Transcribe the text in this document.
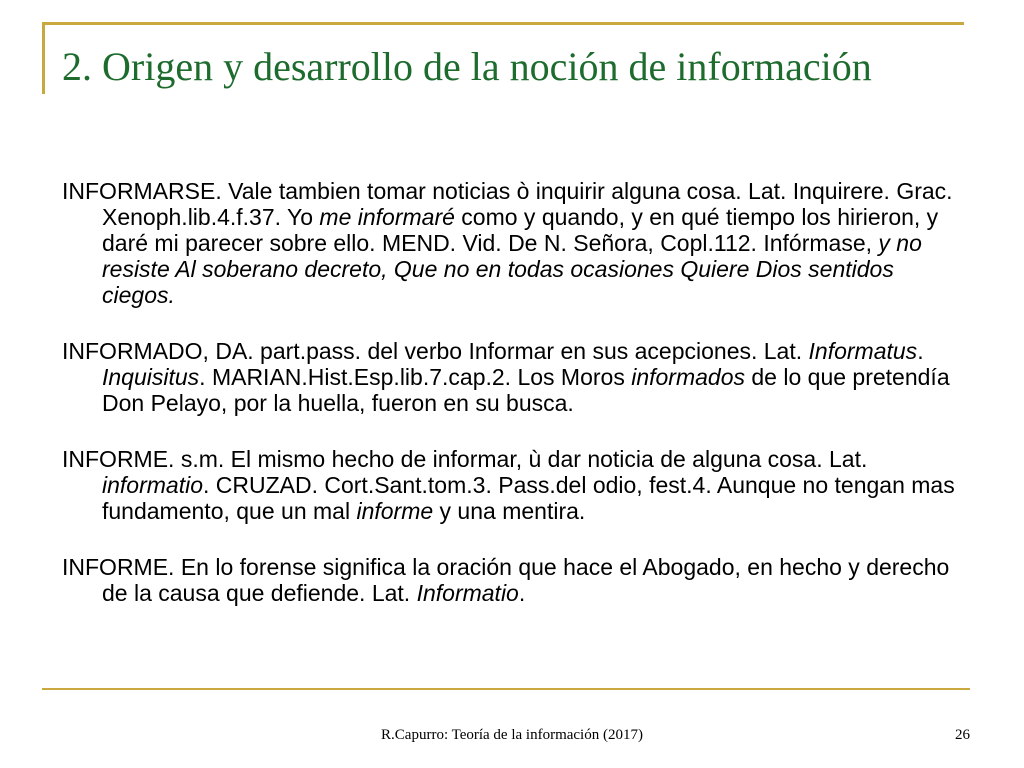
2. Origen y desarrollo de la noción de información

INFORMARSE. Vale tambien tomar noticias ò inquirir alguna cosa. Lat. Inquirere. Grac. Xenoph.lib.4.f.37. Yo me informaré como y quando, y en qué tiempo los hirieron, y daré mi parecer sobre ello. MEND. Vid. De N. Señora, Copl.112. Infórmase, y no resiste Al soberano decreto, Que no en todas ocasiones Quiere Dios sentidos ciegos.

INFORMADO, DA. part.pass. del verbo Informar en sus acepciones. Lat. Informatus. Inquisitus. MARIAN.Hist.Esp.lib.7.cap.2. Los Moros informados de lo que pretendía Don Pelayo, por la huella, fueron en su busca.

INFORME. s.m. El mismo hecho de informar, ù dar noticia de alguna cosa. Lat. informatio. CRUZAD. Cort.Sant.tom.3. Pass.del odio, fest.4. Aunque no tengan mas fundamento, que un mal informe y una mentira.

INFORME. En lo forense significa la oración que hace el Abogado, en hecho y derecho de la causa que defiende. Lat. Informatio.

R.Capurro: Teoría de la información (2017)	26
